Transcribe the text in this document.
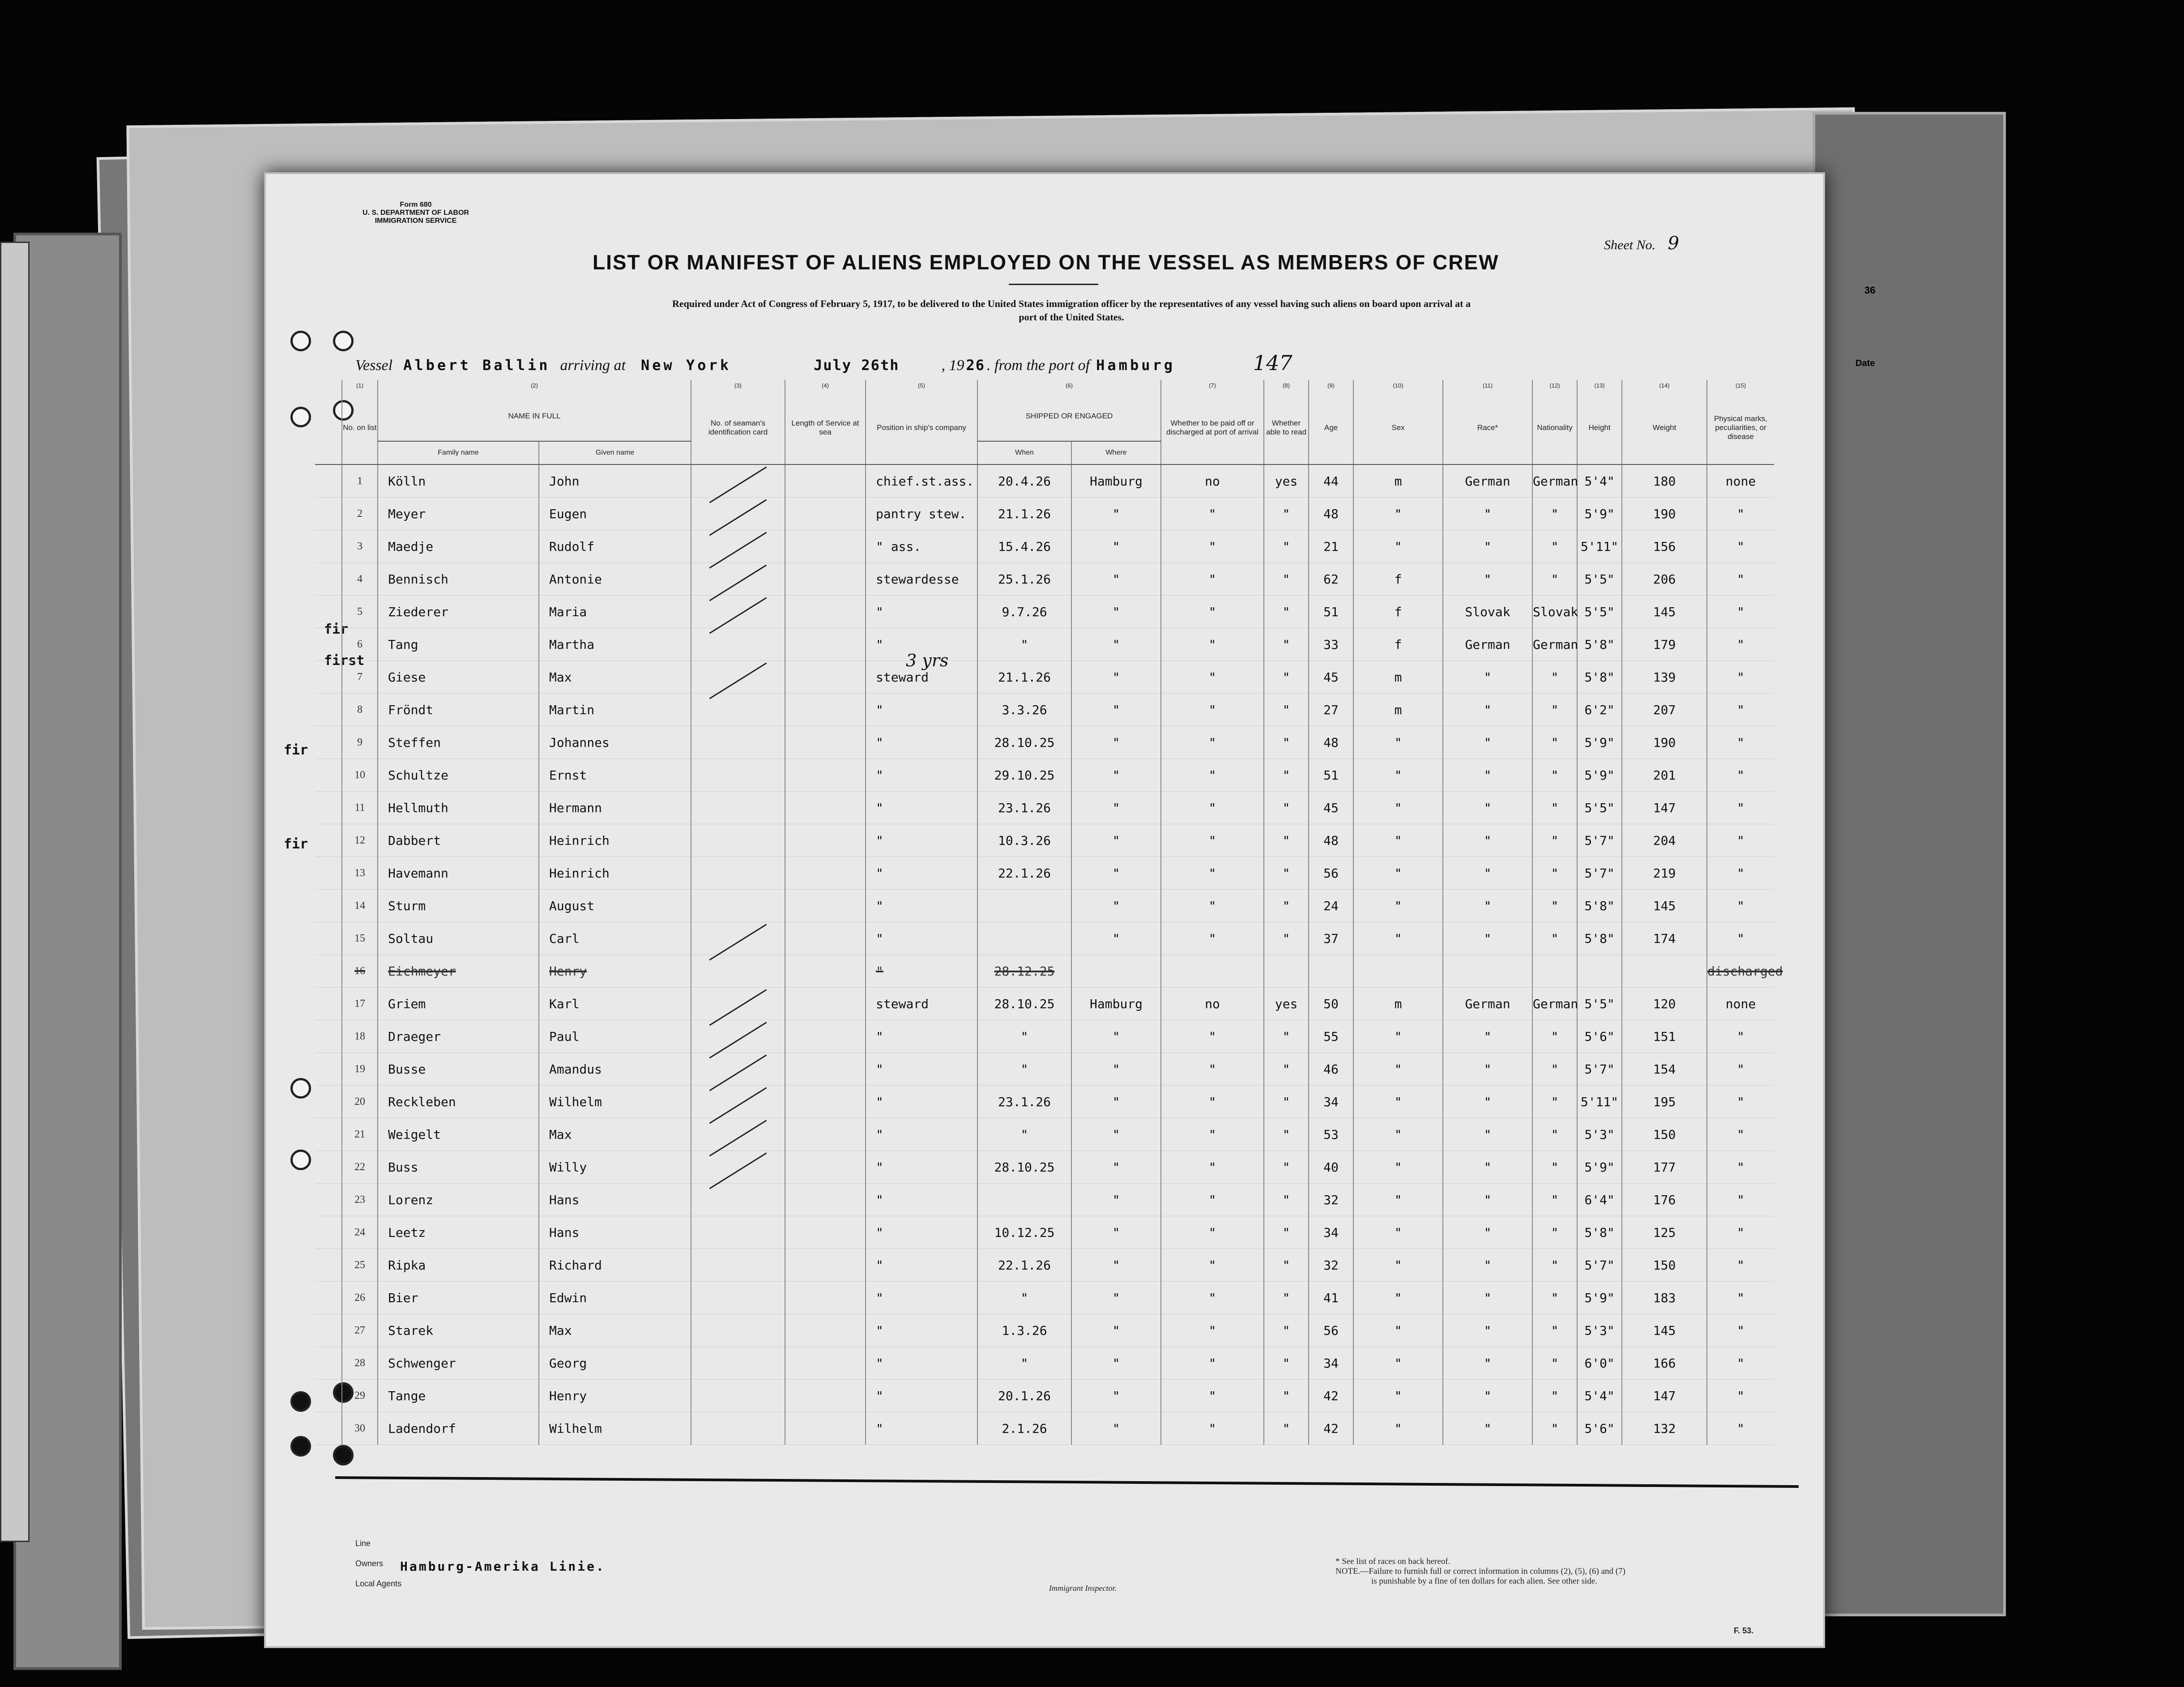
36
Date
fir
first
fir
fir
Form 680
U. S. DEPARTMENT OF LABOR
IMMIGRATION SERVICE
Sheet No. 9
LIST OR MANIFEST OF ALIENS EMPLOYED ON THE VESSEL AS MEMBERS OF CREW
Required under Act of Congress of February 5, 1917, to be delivered to the United States immigration officer by the representatives of any vessel having such aliens on board upon arrival at a
port of the United States.
Vessel Albert Ballin arriving at New York	July 26th	, 19 26 . from the port of Hamburg	147
	(1)	(2)		(3)	(4)	(5)	(6)		(7)	(8)	(9)	(10)	(11)	(12)	(13)	(14)	(15)
	No. on list	NAME IN FULL		No. of seaman's identification card	Length of Service at sea	Position in ship's company	SHIPPED OR ENGAGED		Whether to be paid off or discharged at port of arrival	Whether able to read	Age	Sex	Race*	Nationality	Height	Weight	Physical marks, peculiarities, or disease
		Family name	Given name				When	Where									
	1	Kölln	John			chief.st.ass.	20.4.26	Hamburg	no	yes	44	m	German	German	5'4"	180	none
	2	Meyer	Eugen			pantry stew.	21.1.26	"	"	"	48	"	"	"	5'9"	190	"
	3	Maedje	Rudolf			" ass.	15.4.26	"	"	"	21	"	"	"	5'11"	156	"
	4	Bennisch	Antonie			stewardesse	25.1.26	"	"	"	62	f	"	"	5'5"	206	"
	5	Ziederer	Maria			"	9.7.26	"	"	"	51	f	Slovak	Slovak	5'5"	145	"
	6	Tang	Martha			"	"	"	"	"	33	f	German	German	5'8"	179	"
	7	Giese	Max			steward	21.1.26	"	"	"	45	m	"	"	5'8"	139	"
	8	Fröndt	Martin			"	3.3.26	"	"	"	27	m	"	"	6'2"	207	"
	9	Steffen	Johannes			"	28.10.25	"	"	"	48	"	"	"	5'9"	190	"
	10	Schultze	Ernst			"	29.10.25	"	"	"	51	"	"	"	5'9"	201	"
	11	Hellmuth	Hermann			"	23.1.26	"	"	"	45	"	"	"	5'5"	147	"
	12	Dabbert	Heinrich			"	10.3.26	"	"	"	48	"	"	"	5'7"	204	"
	13	Havemann	Heinrich			"	22.1.26	"	"	"	56	"	"	"	5'7"	219	"
	14	Sturm	August			"		"	"	"	24	"	"	"	5'8"	145	"
	15	Soltau	Carl			"		"	"	"	37	"	"	"	5'8"	174	"
	16	Eichmeyer	Henry			"	28.12.25										discharged
	17	Griem	Karl			steward	28.10.25	Hamburg	no	yes	50	m	German	German	5'5"	120	none
	18	Draeger	Paul			"	"	"	"	"	55	"	"	"	5'6"	151	"
	19	Busse	Amandus			"	"	"	"	"	46	"	"	"	5'7"	154	"
	20	Reckleben	Wilhelm			"	23.1.26	"	"	"	34	"	"	"	5'11"	195	"
	21	Weigelt	Max			"	"	"	"	"	53	"	"	"	5'3"	150	"
	22	Buss	Willy			"	28.10.25	"	"	"	40	"	"	"	5'9"	177	"
	23	Lorenz	Hans			"		"	"	"	32	"	"	"	6'4"	176	"
	24	Leetz	Hans			"	10.12.25	"	"	"	34	"	"	"	5'8"	125	"
	25	Ripka	Richard			"	22.1.26	"	"	"	32	"	"	"	5'7"	150	"
	26	Bier	Edwin			"	"	"	"	"	41	"	"	"	5'9"	183	"
	27	Starek	Max			"	1.3.26	"	"	"	56	"	"	"	5'3"	145	"
	28	Schwenger	Georg			"	"	"	"	"	34	"	"	"	6'0"	166	"
	29	Tange	Henry			"	20.1.26	"	"	"	42	"	"	"	5'4"	147	"
	30	Ladendorf	Wilhelm			"	2.1.26	"	"	"	42	"	"	"	5'6"	132	"
3 yrs
Line
Owners Hamburg-Amerika Linie.
Local Agents	Immigrant Inspector.
* See list of races on back hereof.
NOTE.—Failure to furnish full or correct information in columns (2), (5), (6) and (7)
is punishable by a fine of ten dollars for each alien. See other side.
F. 53.
